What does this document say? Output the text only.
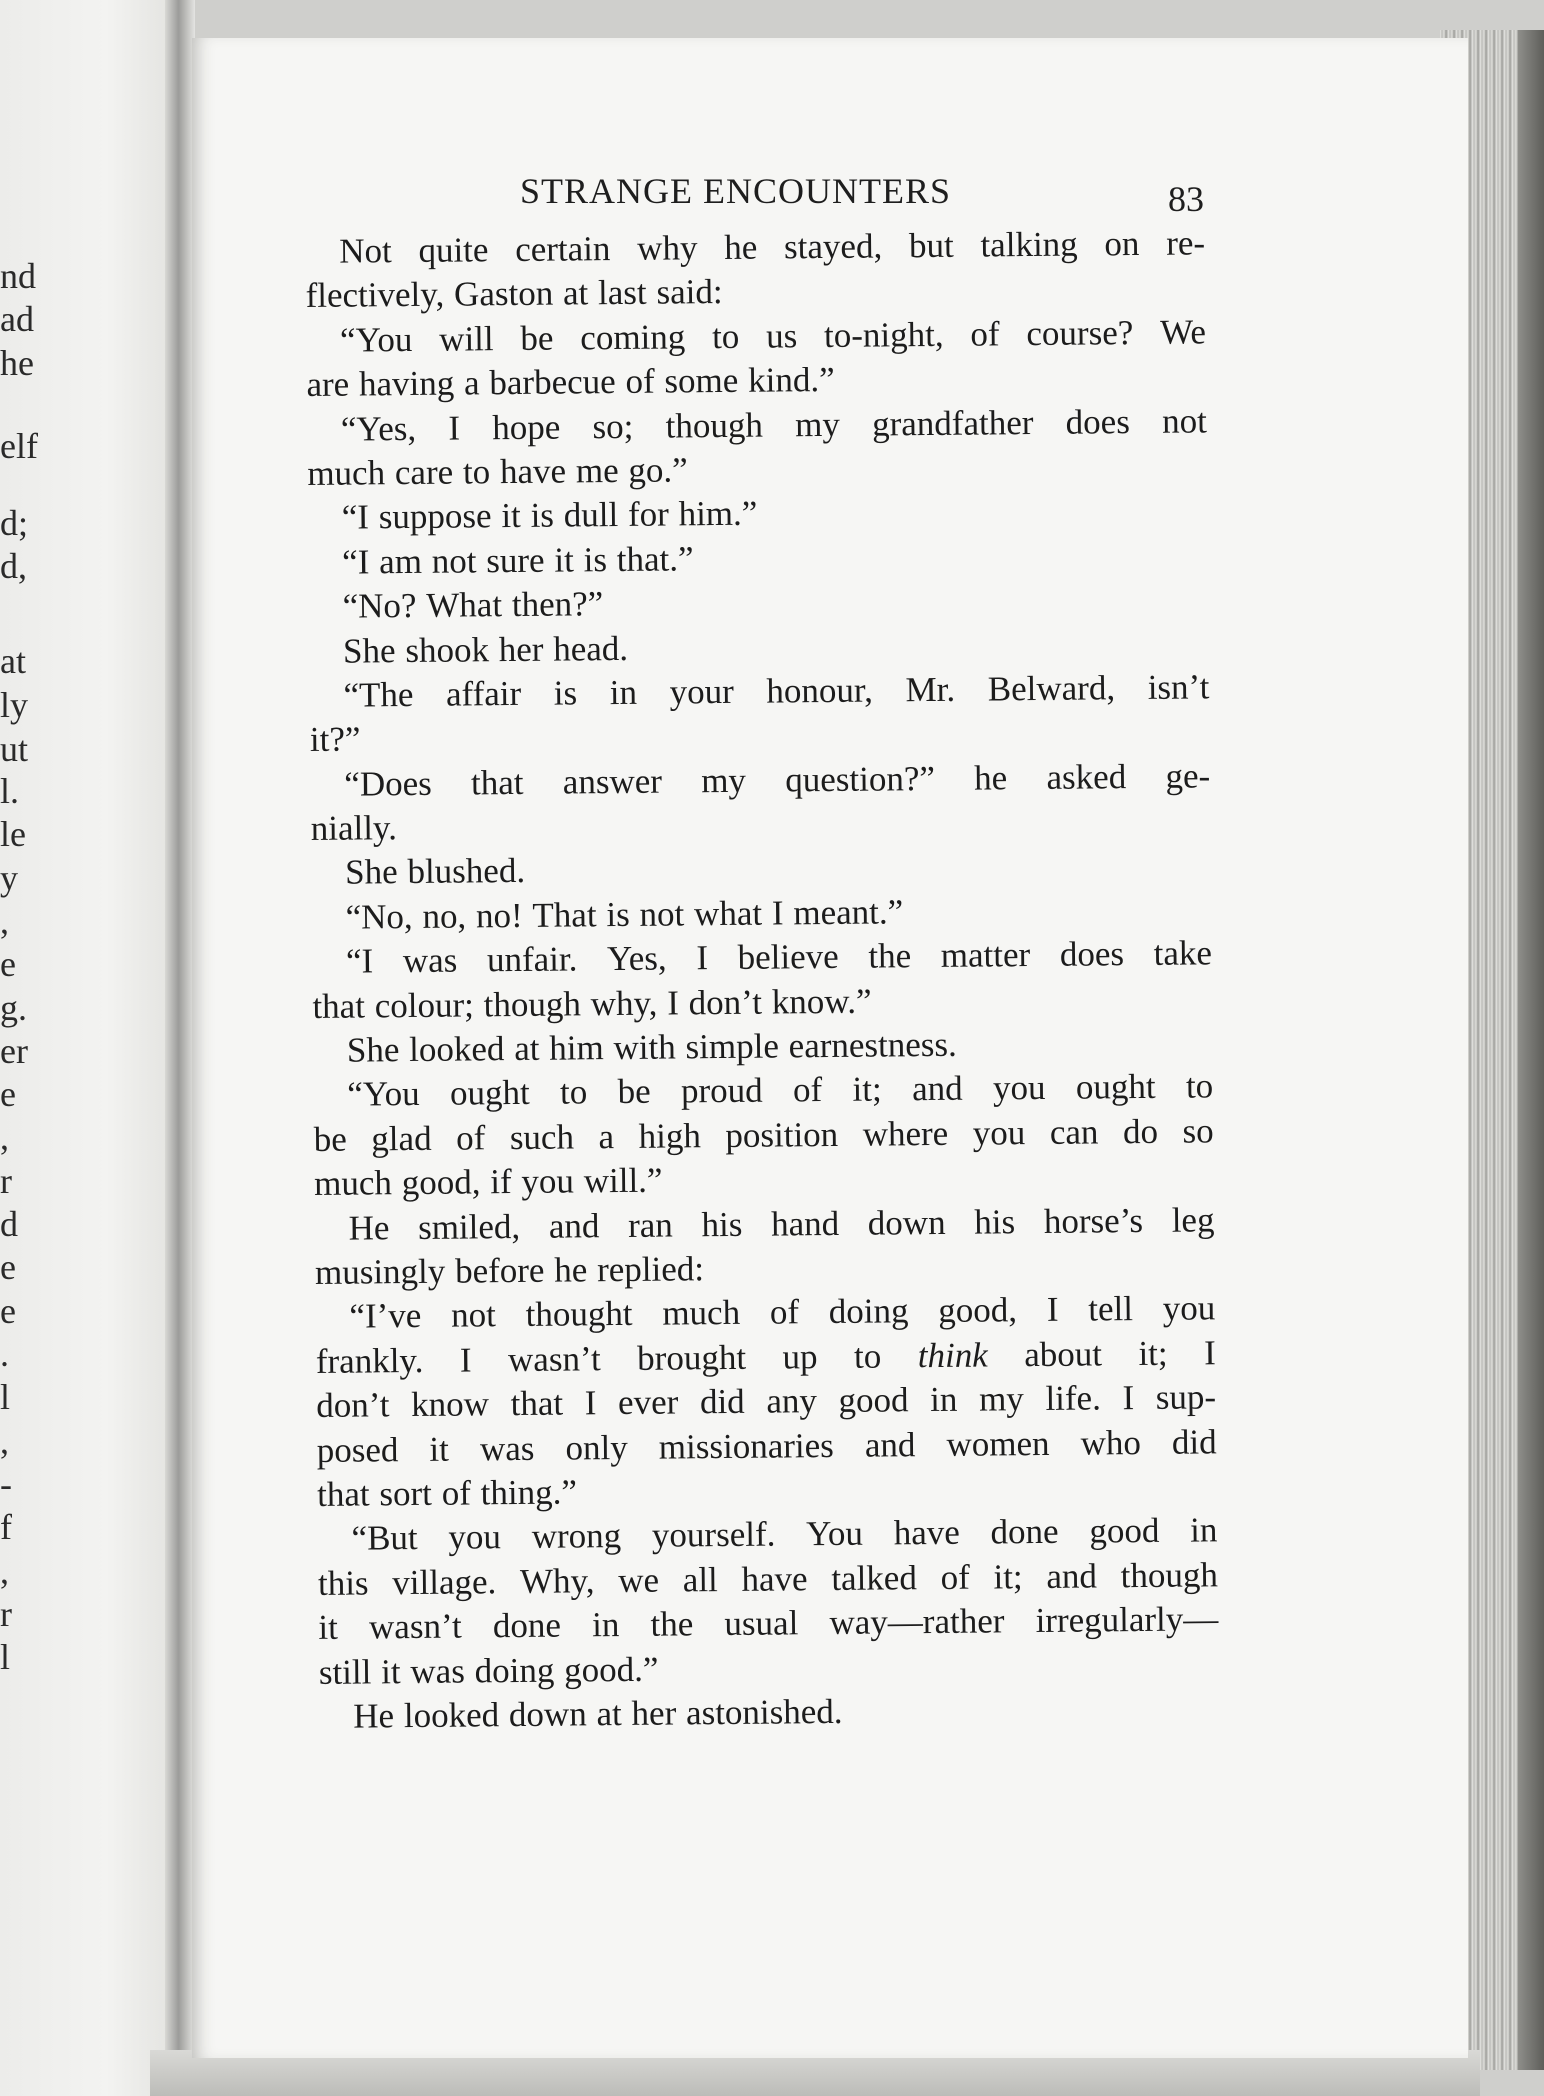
nd
ad
he
elf
d;
d,
at
ly
ut
l.
le
y
,
e
g.
er
e
,
r
d
e
e
.
l
,
-
f
,
r
l
STRANGE ENCOUNTERS	83
Not quite certain why he stayed, but talking on re-
flectively, Gaston at last said:
“You will be coming to us to-night, of course? We
are having a barbecue of some kind.”
“Yes, I hope so; though my grandfather does not
much care to have me go.”
“I suppose it is dull for him.”
“I am not sure it is that.”
“No? What then?”
She shook her head.
“The affair is in your honour, Mr. Belward, isn’t
it?”
“Does that answer my question?” he asked ge-
nially.
She blushed.
“No, no, no! That is not what I meant.”
“I was unfair. Yes, I believe the matter does take
that colour; though why, I don’t know.”
She looked at him with simple earnestness.
“You ought to be proud of it; and you ought to
be glad of such a high position where you can do so
much good, if you will.”
He smiled, and ran his hand down his horse’s leg
musingly before he replied:
“I’ve not thought much of doing good, I tell you
frankly. I wasn’t brought up to think about it; I
don’t know that I ever did any good in my life. I sup-
posed it was only missionaries and women who did
that sort of thing.”
“But you wrong yourself. You have done good in
this village. Why, we all have talked of it; and though
it wasn’t done in the usual way—rather irregularly—
still it was doing good.”
He looked down at her astonished.
